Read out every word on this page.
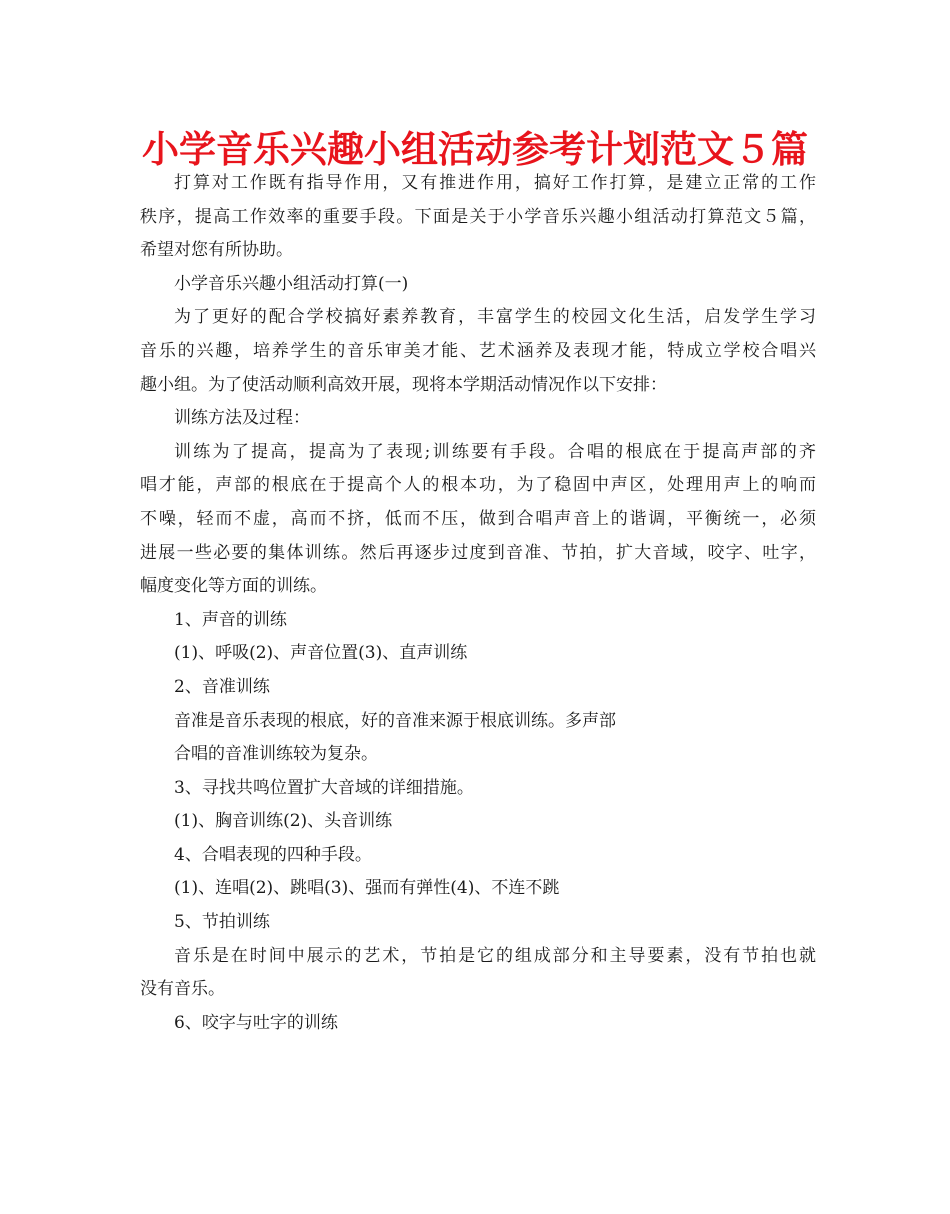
小学音乐兴趣小组活动参考计划范文５篇
打算对工作既有指导作用，又有推进作用，搞好工作打算，是建立正常的工作
秩序，提高工作效率的重要手段。下面是关于小学音乐兴趣小组活动打算范文５篇，
希望对您有所协助。
小学音乐兴趣小组活动打算(一)
为了更好的配合学校搞好素养教育，丰富学生的校园文化生活，启发学生学习
音乐的兴趣，培养学生的音乐审美才能、艺术涵养及表现才能，特成立学校合唱兴
趣小组。为了使活动顺利高效开展，现将本学期活动情况作以下安排：
训练方法及过程：
训练为了提高，提高为了表现;训练要有手段。合唱的根底在于提高声部的齐
唱才能，声部的根底在于提高个人的根本功，为了稳固中声区，处理用声上的响而
不噪，轻而不虚，高而不挤，低而不压，做到合唱声音上的谐调，平衡统一，必须
进展一些必要的集体训练。然后再逐步过度到音准、节拍，扩大音域，咬字、吐字，
幅度变化等方面的训练。
1、声音的训练
(1)、呼吸(2)、声音位置(3)、直声训练
2、音准训练
音准是音乐表现的根底，好的音准来源于根底训练。多声部
合唱的音准训练较为复杂。
3、寻找共鸣位置扩大音域的详细措施。
(1)、胸音训练(2)、头音训练
4、合唱表现的四种手段。
(1)、连唱(2)、跳唱(3)、强而有弹性(4)、不连不跳
5、节拍训练
音乐是在时间中展示的艺术，节拍是它的组成部分和主导要素，没有节拍也就
没有音乐。
6、咬字与吐字的训练
